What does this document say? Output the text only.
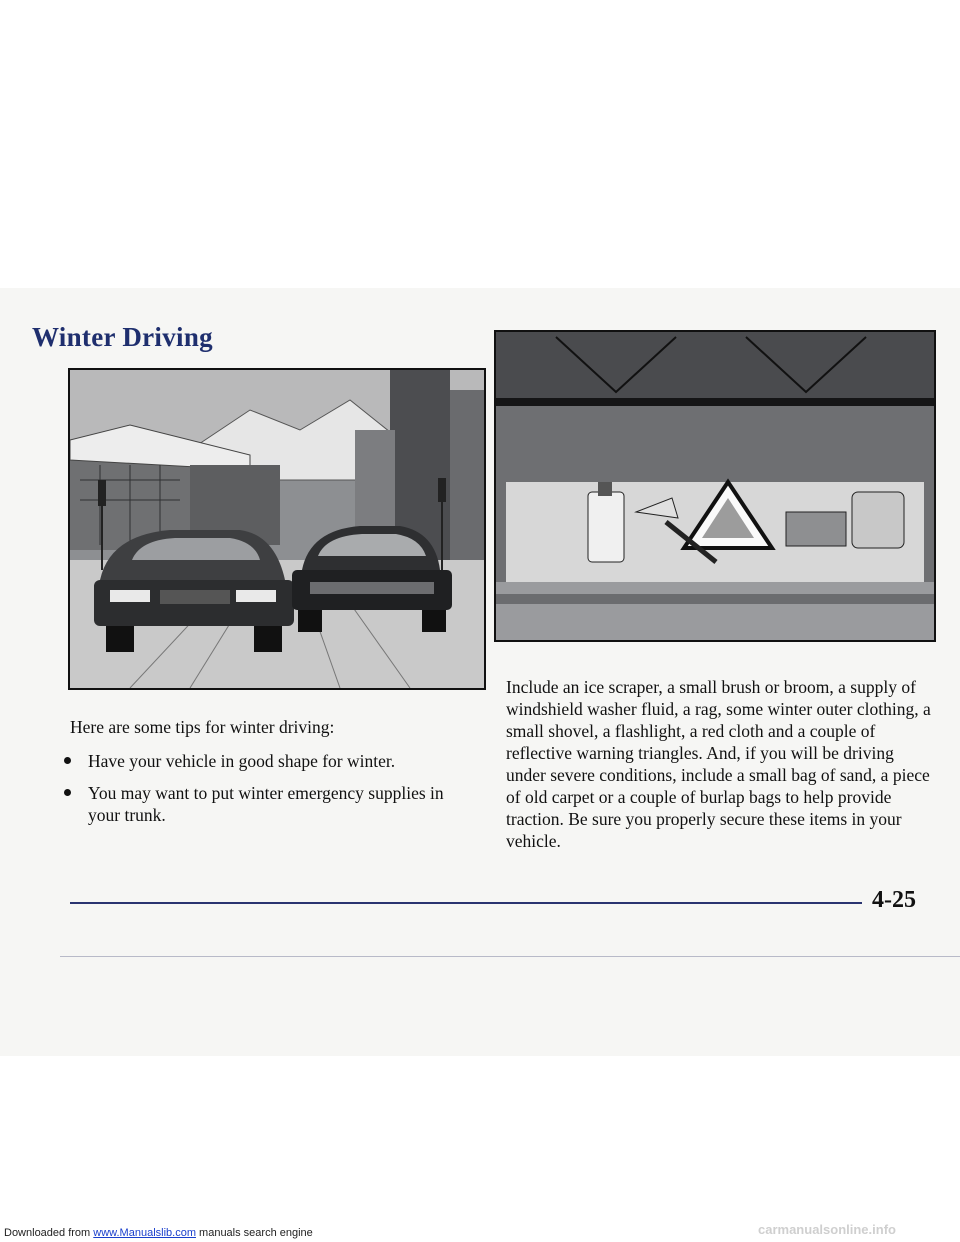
Winter Driving

Here are some tips for winter driving:

Have your vehicle in good shape for winter.
You may want to put winter emergency supplies in your trunk.

Include an ice scraper, a small brush or broom, a supply of windshield washer fluid, a rag, some winter outer clothing, a small shovel, a flashlight, a red cloth and a couple of reflective warning triangles. And, if you will be driving under severe conditions, include a small bag of sand, a piece of old carpet or a couple of burlap bags to help provide traction. Be sure you properly secure these items in your vehicle.

4-25
Downloaded from www.Manualslib.com manuals search engine	carmanualsonline.info
